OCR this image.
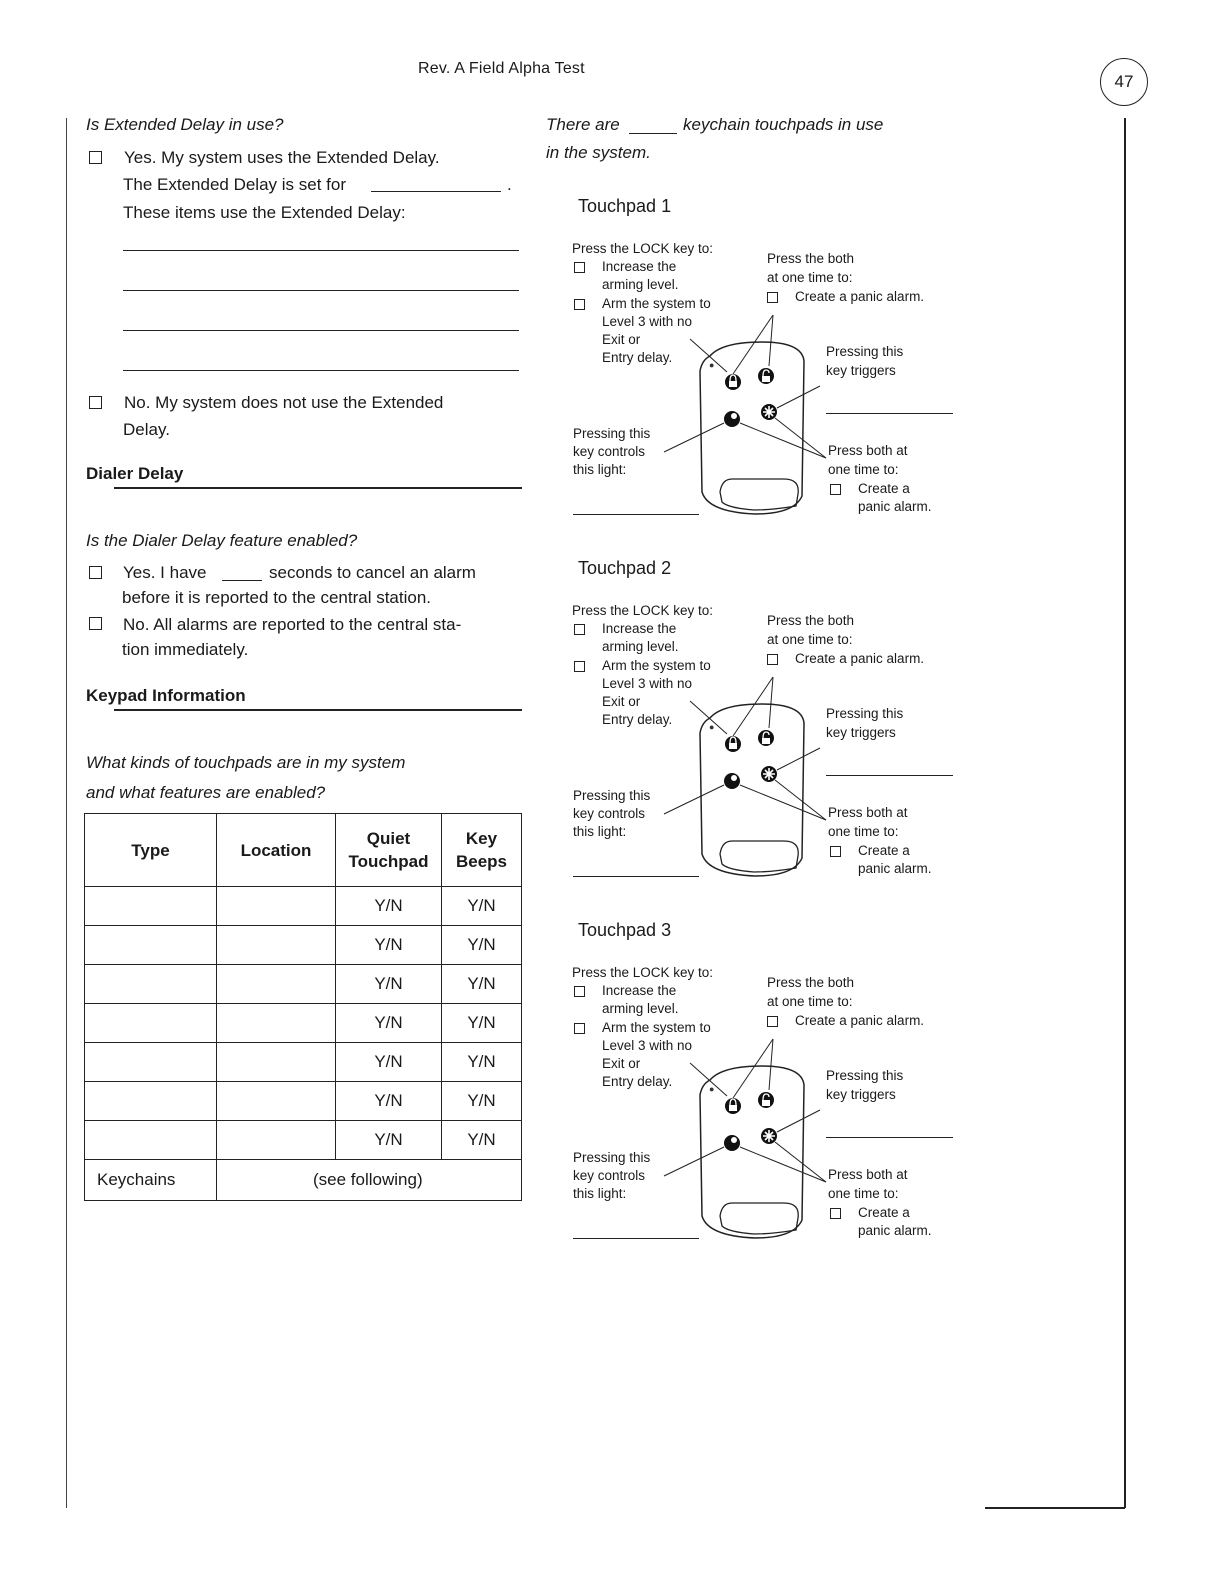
Rev. A Field Alpha Test
47
Is Extended Delay in use?
Yes. My system uses the Extended Delay.
The Extended Delay is set for	.
These items use the Extended Delay:
No. My system does not use the Extended
Delay.
Dialer Delay
Is the Dialer Delay feature enabled?
Yes. I have	seconds to cancel an alarm
before it is reported to the central station.
No. All alarms are reported to the central sta-
tion immediately.
Keypad Information
What kinds of touchpads are in my system
and what features are enabled?
Type	Location	Quiet Touchpad	Key Beeps
		Y/N	Y/N
		Y/N	Y/N
		Y/N	Y/N
		Y/N	Y/N
		Y/N	Y/N
		Y/N	Y/N
		Y/N	Y/N
Keychains	(see following)		
There are	keychain touchpads in use
in the system.
Touchpad 1
Press the LOCK key to:
Increase the
arming level.
Arm the system to
Level 3 with no
Exit or
Entry delay.
Press the both
at one time to:
Create a panic alarm.
Pressing this
key triggers
Pressing this
key controls
this light:
Press both at
one time to:
Create a
panic alarm.
●
Touchpad 2
Press the LOCK key to:
Increase the
arming level.
Arm the system to
Level 3 with no
Exit or
Entry delay.
Press the both
at one time to:
Create a panic alarm.
Pressing this
key triggers
Pressing this
key controls
this light:
Press both at
one time to:
Create a
panic alarm.
●
Touchpad 3
Press the LOCK key to:
Increase the
arming level.
Arm the system to
Level 3 with no
Exit or
Entry delay.
Press the both
at one time to:
Create a panic alarm.
Pressing this
key triggers
Pressing this
key controls
this light:
Press both at
one time to:
Create a
panic alarm.
●
